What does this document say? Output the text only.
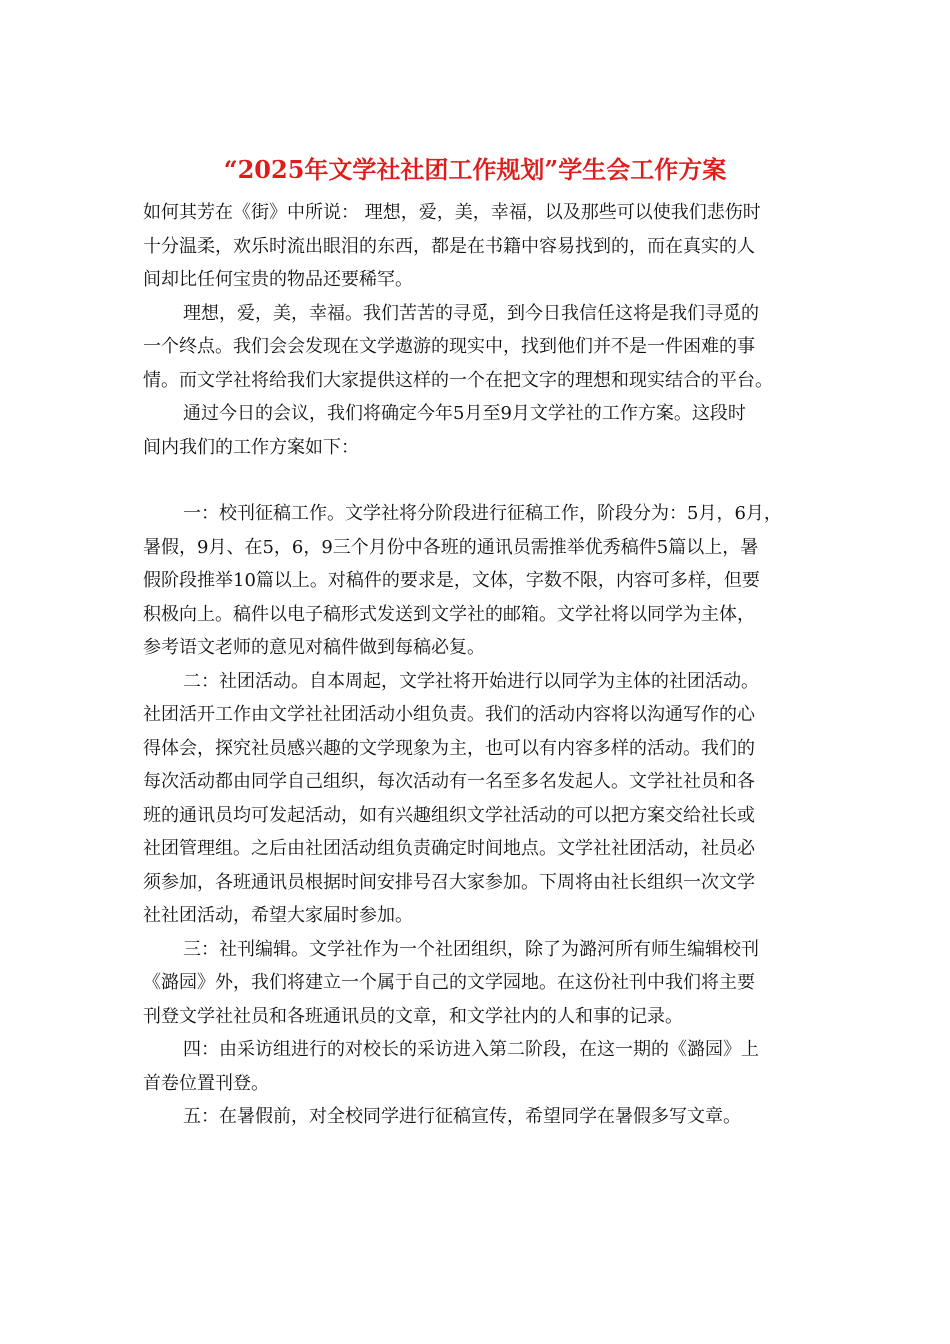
“2025年文学社社团工作规划”学生会工作方案

如何其芳在《街》中所说： 理想，爱，美，幸福，以及那些可以使我们悲伤时
十分温柔，欢乐时流出眼泪的东西，都是在书籍中容易找到的，而在真实的人
间却比任何宝贵的物品还要稀罕。

理想，爱，美，幸福。我们苦苦的寻觅，到今日我信任这将是我们寻觅的
一个终点。我们会会发现在文学遨游的现实中，找到他们并不是一件困难的事
情。而文学社将给我们大家提供这样的一个在把文字的理想和现实结合的平台。

通过今日的会议，我们将确定今年5月至9月文学社的工作方案。这段时
间内我们的工作方案如下：

一：校刊征稿工作。文学社将分阶段进行征稿工作，阶段分为：5月，6月，
暑假，9月、在5，6，9三个月份中各班的通讯员需推举优秀稿件5篇以上，暑
假阶段推举10篇以上。对稿件的要求是，文体，字数不限，内容可多样，但要
积极向上。稿件以电子稿形式发送到文学社的邮箱。文学社将以同学为主体，
参考语文老师的意见对稿件做到每稿必复。

二：社团活动。自本周起，文学社将开始进行以同学为主体的社团活动。
社团活开工作由文学社社团活动小组负责。我们的活动内容将以沟通写作的心
得体会，探究社员感兴趣的文学现象为主，也可以有内容多样的活动。我们的
每次活动都由同学自己组织，每次活动有一名至多名发起人。文学社社员和各
班的通讯员均可发起活动，如有兴趣组织文学社活动的可以把方案交给社长或
社团管理组。之后由社团活动组负责确定时间地点。文学社社团活动，社员必
须参加，各班通讯员根据时间安排号召大家参加。下周将由社长组织一次文学
社社团活动，希望大家届时参加。

三：社刊编辑。文学社作为一个社团组织，除了为潞河所有师生编辑校刊
《潞园》外，我们将建立一个属于自己的文学园地。在这份社刊中我们将主要
刊登文学社社员和各班通讯员的文章，和文学社内的人和事的记录。

四：由采访组进行的对校长的采访进入第二阶段，在这一期的《潞园》上
首卷位置刊登。

五：在暑假前，对全校同学进行征稿宣传，希望同学在暑假多写文章。
